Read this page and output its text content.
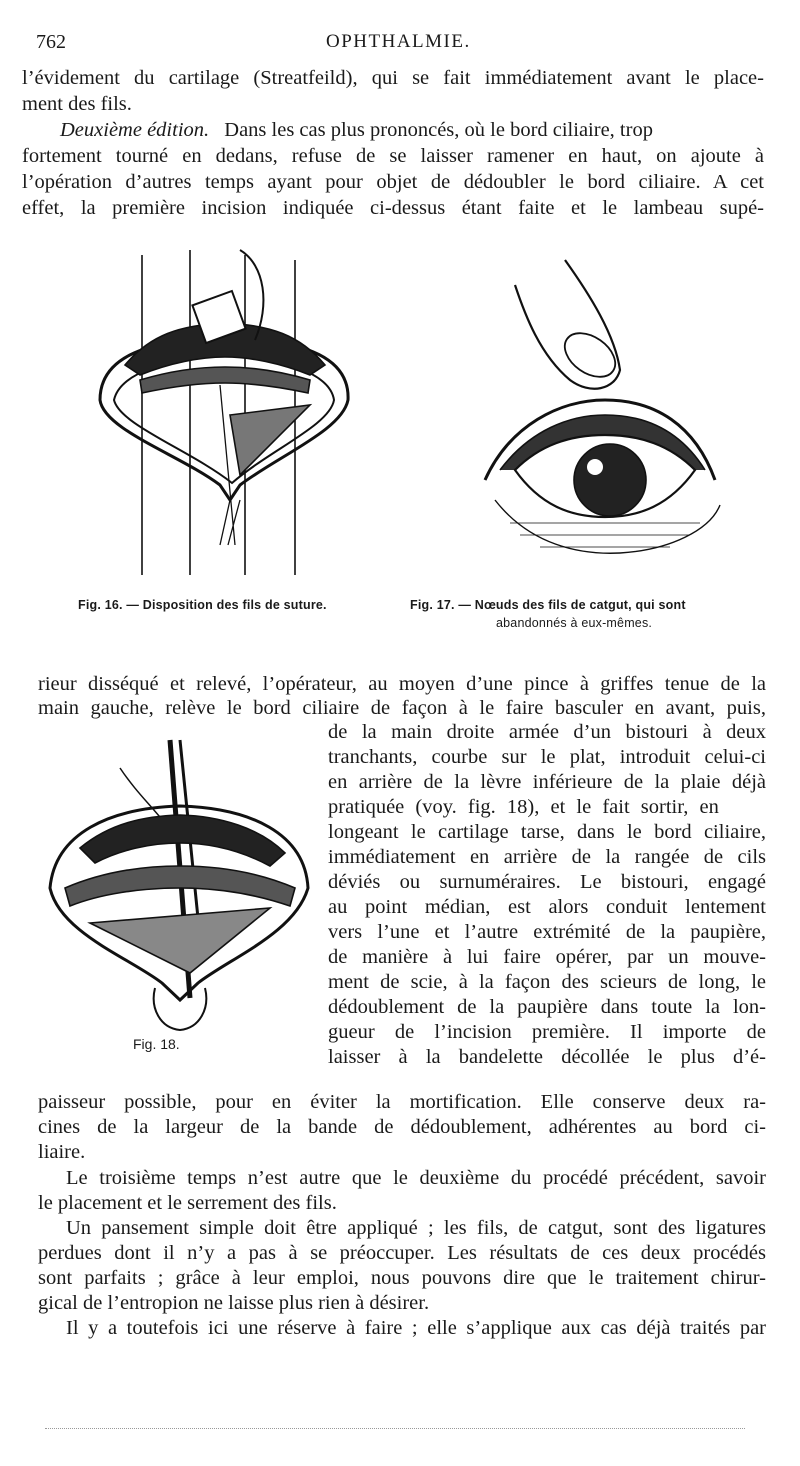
762	OPHTHALMIE.
l’évidement du cartilage (Streatfeild), qui se fait immédiatement avant le place-
ment des fils.
Deuxième édition. Dans les cas plus prononcés, où le bord ciliaire, trop
fortement tourné en dedans, refuse de se laisser ramener en haut, on ajoute à
l’opération d’autres temps ayant pour objet de dédoubler le bord ciliaire. A cet
effet, la première incision indiquée ci-dessus étant faite et le lambeau supé-
Fig. 16. — Disposition des fils de suture.	Fig. 17. — Nœuds des fils de catgut, qui sont
abandonnés à eux-mêmes.
rieur disséqué et relevé, l’opérateur, au moyen d’une pince à griffes tenue de la
main gauche, relève le bord ciliaire de façon à le faire basculer en avant, puis,
Fig. 18.
de la main droite armée d’un bistouri à deux
tranchants, courbe sur le plat, introduit celui-ci
en arrière de la lèvre inférieure de la plaie déjà
pratiquée (voy. fig. 18), et le fait sortir, en
longeant le cartilage tarse, dans le bord ciliaire,
immédiatement en arrière de la rangée de cils
déviés ou surnuméraires. Le bistouri, engagé
au point médian, est alors conduit lentement
vers l’une et l’autre extrémité de la paupière,
de manière à lui faire opérer, par un mouve-
ment de scie, à la façon des scieurs de long, le
dédoublement de la paupière dans toute la lon-
gueur de l’incision première. Il importe de
laisser à la bandelette décollée le plus d’é-
paisseur possible, pour en éviter la mortification. Elle conserve deux ra-
cines de la largeur de la bande de dédoublement, adhérentes au bord ci-
liaire.
Le troisième temps n’est autre que le deuxième du procédé précédent, savoir
le placement et le serrement des fils.
Un pansement simple doit être appliqué ; les fils, de catgut, sont des ligatures
perdues dont il n’y a pas à se préoccuper. Les résultats de ces deux procédés
sont parfaits ; grâce à leur emploi, nous pouvons dire que le traitement chirur-
gical de l’entropion ne laisse plus rien à désirer.
Il y a toutefois ici une réserve à faire ; elle s’applique aux cas déjà traités par
